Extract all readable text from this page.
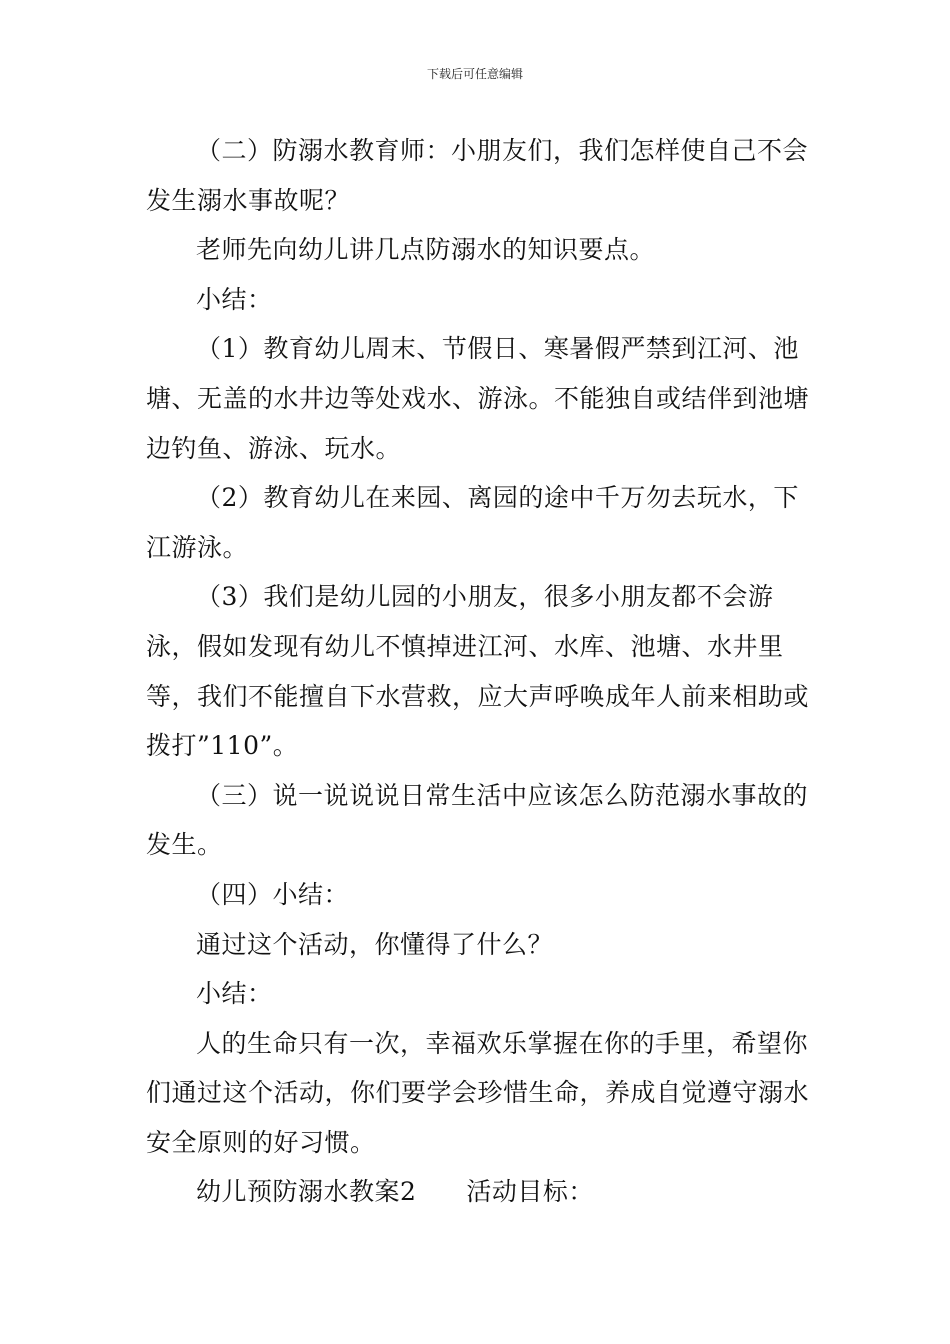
下载后可任意编辑

（二）防溺水教育师：小朋友们，我们怎样使自己不会发生溺水事故呢？

老师先向幼儿讲几点防溺水的知识要点。

小结：

（1）教育幼儿周末、节假日、寒暑假严禁到江河、池塘、无盖的水井边等处戏水、游泳。不能独自或结伴到池塘边钓鱼、游泳、玩水。

（2）教育幼儿在来园、离园的途中千万勿去玩水，下江游泳。

（3）我们是幼儿园的小朋友，很多小朋友都不会游泳，假如发现有幼儿不慎掉进江河、水库、池塘、水井里等，我们不能擅自下水营救，应大声呼唤成年人前来相助或拨打”110”。

（三）说一说说说日常生活中应该怎么防范溺水事故的发生。

（四）小结：

通过这个活动，你懂得了什么？

小结：

人的生命只有一次，幸福欢乐掌握在你的手里，希望你们通过这个活动，你们要学会珍惜生命，养成自觉遵守溺水安全原则的好习惯。

幼儿预防溺水教案2 活动目标：
